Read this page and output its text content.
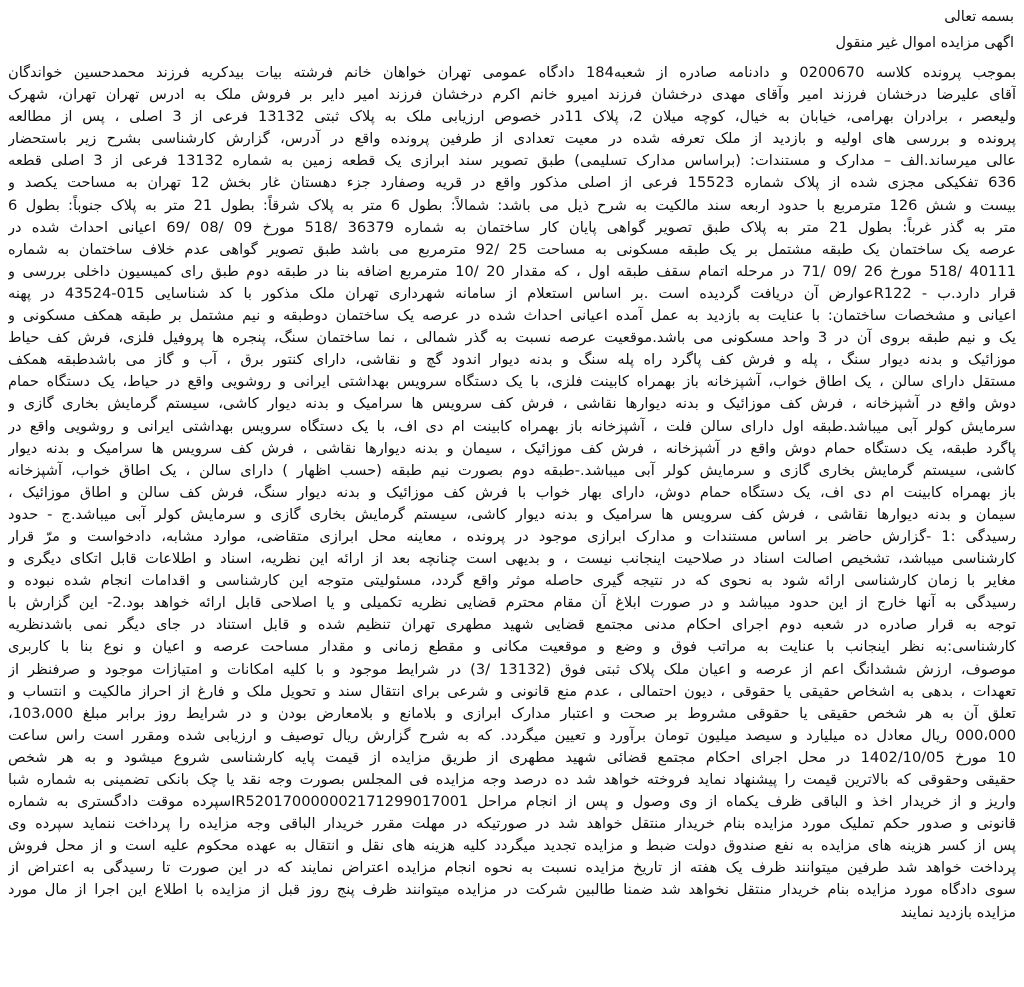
بسمه تعالی
اگهی مزایده اموال غیر منقول
بموجب پرونده کلاسه 0200670 و دادنامه صادره از شعبه184 دادگاه عمومی تهران خواهان خانم فرشته بیات بیدکریه فرزند محمدحسین خواندگان
آقای علیرضا درخشان فرزند امیر وآقای مهدی درخشان فرزند امیرو خانم اکرم درخشان فرزند امیر دایر بر فروش ملک به ادرس تهران تهران، شهرک
ولیعصر ، برادران بهرامی، خیابان به خیال، کوچه میلان 2، پلاک 11در خصوص ارزیابی ملک به پلاک ثبتی 13132 فرعی از 3 اصلی ، پس از مطالعه
پرونده و بررسی های اولیه و بازدید از ملک تعرفه شده در معیت تعدادی از طرفین پرونده واقع در آدرس، گزارش کارشناسی بشرح زیر باستحضار
عالی میرساند.الف – مدارک و مستندات: (براساس مدارک تسلیمی) طبق تصویر سند ابرازی یک قطعه زمین به شماره 13132 فرعی از 3 اصلی قطعه
636 تفکیکی مجزی شده از پلاک شماره 15523 فرعی از اصلی مذکور واقع در قریه وصفارد جزء دهستان غار بخش 12 تهران به مساحت یکصد و
بیست و شش 126 مترمربع با حدود اربعه سند مالکیت به شرح ذیل می باشد: شمالاً: بطول 6 متر به پلاک شرقاً: بطول 21 متر به پلاک جنوباً: بطول 6
متر به گذر غرباً: بطول 21 متر به پلاک طبق تصویر گواهی پایان کار ساختمان به شماره 36379 /518 مورخ 09 /08 /69 اعیانی احداث شده در
عرصه یک ساختمان یک طبقه مشتمل بر یک طبقه مسکونی به مساحت 25 /92 مترمربع می باشد طبق تصویر گواهی عدم خلاف ساختمان به شماره
40111 /518 مورخ 26 /09 /71 در مرحله اتمام سقف طبقه اول ، که مقدار 20 /10 مترمربع اضافه بنا در طبقه دوم طبق رای کمیسیون داخلی بررسی و
قرار دارد.ب - R122عوارض آن دریافت گردیده است .بر اساس استعلام از سامانه شهرداری تهران ملک مذکور با کد شناسایی 015-43524 در پهنه
اعیانی و مشخصات ساختمان: با عنایت به بازدید به عمل آمده اعیانی احداث شده در عرصه یک ساختمان دوطبقه و نیم مشتمل بر طبقه همکف مسکونی و
یک و نیم طبقه بروی آن در 3 واحد مسکونی می باشد.موقعیت عرصه نسبت به گذر شمالی ، نما ساختمان سنگ، پنجره ها پروفیل فلزی، فرش کف حیاط
موزائیک و بدنه دیوار سنگ ، پله و فرش کف پاگرد راه پله سنگ و بدنه دیوار اندود گچ و نقاشی، دارای کنتور برق ، آب و گاز می باشدطبقه همکف
مستقل دارای سالن ، یک اطاق خواب، آشپزخانه باز بهمراه کابینت فلزی، با یک دستگاه سرویس بهداشتی ایرانی و روشویی واقع در حیاط، یک دستگاه حمام
دوش واقع در آشپزخانه ، فرش کف موزائیک و بدنه دیوارها نقاشی ، فرش کف سرویس ها سرامیک و بدنه دیوار کاشی، سیستم گرمایش بخاری گازی و
سرمایش کولر آبی میباشد.طبقه اول دارای سالن فلت ، آشپزخانه باز بهمراه کابینت ام دی اف، با یک دستگاه سرویس بهداشتی ایرانی و روشویی واقع در
پاگرد طبقه، یک دستگاه حمام دوش واقع در آشپزخانه ، فرش کف موزائیک ، سیمان و بدنه دیوارها نقاشی ، فرش کف سرویس ها سرامیک و بدنه دیوار
کاشی، سیستم گرمایش بخاری گازی و سرمایش کولر آبی میباشد.-طبقه دوم بصورت نیم طبقه (حسب اظهار ) دارای سالن ، یک اطاق خواب، آشپزخانه
باز بهمراه کابینت ام دی اف، یک دستگاه حمام دوش، دارای بهار خواب با فرش کف موزائیک و بدنه دیوار سنگ، فرش کف سالن و اطاق موزائیک ،
سیمان و بدنه دیوارها نقاشی ، فرش کف سرویس ها سرامیک و بدنه دیوار کاشی، سیستم گرمایش بخاری گازی و سرمایش کولر آبی میباشد.ج - حدود
رسیدگی :1 -گزارش حاضر بر اساس مستندات و مدارک ابرازی موجود در پرونده ، معاینه محل ابرازی متقاضی، موارد مشابه، دادخواست و مرّ قرار
کارشناسی میباشد، تشخیص اصالت اسناد در صلاحیت اینجانب نیست ، و بدیهی است چنانچه بعد از ارائه این نظریه، اسناد و اطلاعات قابل اتکای دیگری و
مغایر با زمان کارشناسی ارائه شود به نحوی که در نتیجه گیری حاصله موثر واقع گردد، مسئولیتی متوجه این کارشناسی و اقدامات انجام شده نبوده و
رسیدگی به آنها خارج از این حدود میباشد و در صورت ابلاغ آن مقام محترم قضایی نظریه تکمیلی و یا اصلاحی قابل ارائه خواهد بود.2- این گزارش با
توجه به قرار صادره در شعبه دوم اجرای احکام مدنی مجتمع قضایی شهید مطهری تهران تنظیم شده و قابل استناد در جای دیگر نمی باشدنظریه
کارشناسی:به نظر اینجانب با عنایت به مراتب فوق و وضع و موقعیت مکانی و مقطع زمانی و مقدار مساحت عرصه و اعیان و نوع بنا با کاربری
موصوف، ارزش ششدانگ اعم از عرصه و اعیان ملک پلاک ثبتی فوق (13132 /3) در شرایط موجود و با کلیه امکانات و امتیازات موجود و صرفنظر از
تعهدات ، بدهی به اشخاص حقیقی یا حقوقی ، دیون احتمالی ، عدم منع قانونی و شرعی برای انتقال سند و تحویل ملک و فارغ از احراز مالکیت و انتساب و
تعلق آن به هر شخص حقیقی یا حقوقی مشروط بر صحت و اعتبار مدارک ابرازی و بلامانع و بلامعارض بودن و در شرایط روز برابر مبلغ 103،000،
000،000 ریال معادل ده میلیارد و سیصد میلیون تومان برآورد و تعیین میگردد. که به شرح گزارش ریال توصیف و ارزیابی شده ومقرر است راس ساعت
10 مورخ 1402/10/05 در محل اجرای احکام مجتمع قضائی شهید مطهری از طریق مزایده از قیمت پایه کارشناسی شروع میشود و به هر شخص
حقیقی وحقوقی که بالاترین قیمت را پیشنهاد نماید فروخته خواهد شد ده درصد وجه مزایده فی المجلس بصورت وجه نقد یا چک بانکی تضمینی به شماره شبا
واریز و از خریدار اخذ و الباقی ظرف یکماه از وی وصول و پس از انجام مراحل IR520170000002171299017001سپرده موقت دادگستری به شماره
قانونی و صدور حکم تملیک مورد مزایده بنام خریدار منتقل خواهد شد در صورتیکه در مهلت مقرر خریدار الباقی وجه مزایده را پرداخت ننماید سپرده وی
پس از کسر هزینه های مزایده به نفع صندوق دولت ضبط و مزایده تجدید میگردد کلیه هزینه های نقل و انتقال به عهده محکوم علیه است و از محل فروش
پرداخت خواهد شد طرفین میتوانند ظرف یک هفته از تاریخ مزایده نسبت به نحوه انجام مزایده اعتراض نمایند که در این صورت تا رسیدگی به اعتراض از
سوی دادگاه مورد مزایده بنام خریدار منتقل نخواهد شد ضمنا طالبین شرکت در مزایده میتوانند ظرف پنج روز قبل از مزایده با اطلاع این اجرا از مال مورد
مزایده بازدید نمایند
